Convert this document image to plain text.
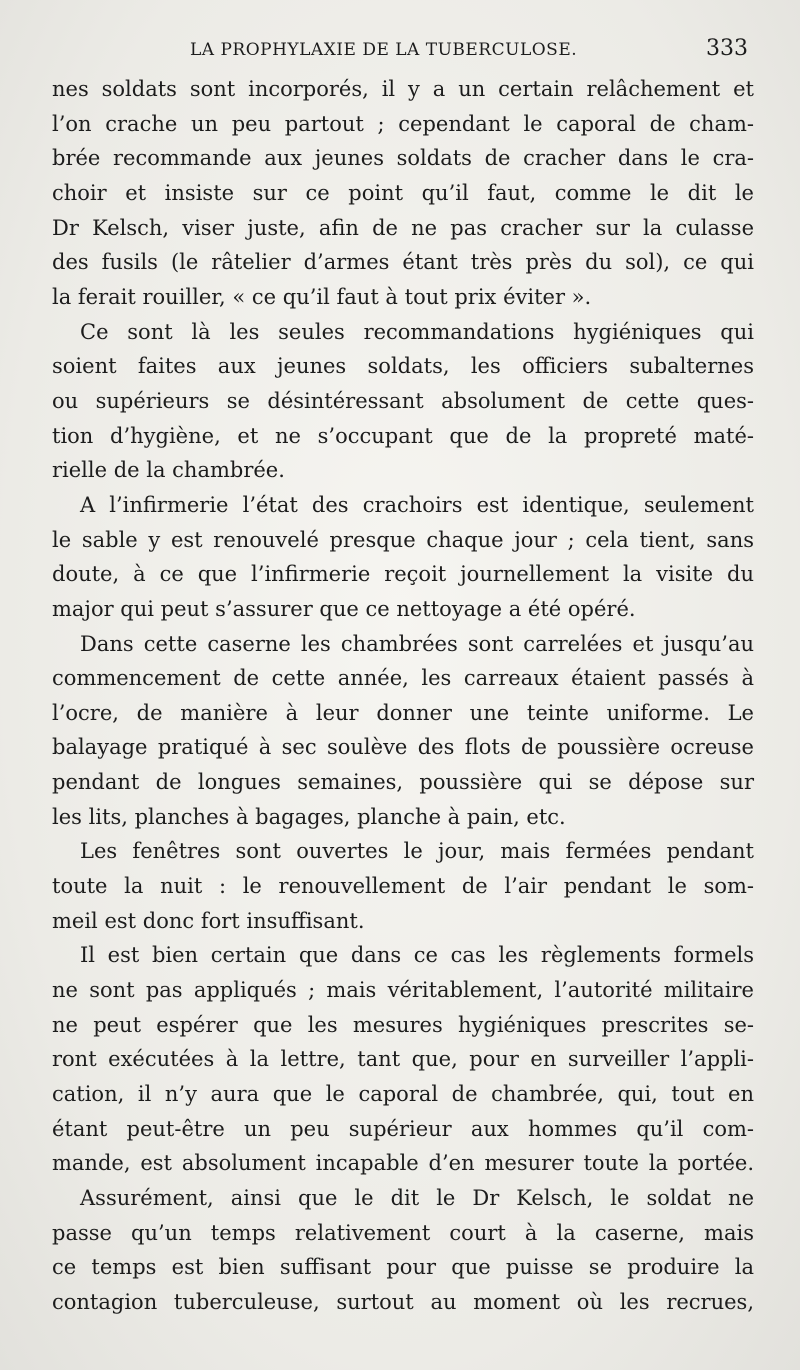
LA PROPHYLAXIE DE LA TUBERCULOSE.	333
nes soldats sont incorporés, il y a un certain relâchement et
l’on crache un peu partout ; cependant le caporal de cham-
brée recommande aux jeunes soldats de cracher dans le cra-
choir et insiste sur ce point qu’il faut, comme le dit le
Dr Kelsch, viser juste, afin de ne pas cracher sur la culasse
des fusils (le râtelier d’armes étant très près du sol), ce qui
la ferait rouiller, « ce qu’il faut à tout prix éviter ».
Ce sont là les seules recommandations hygiéniques qui
soient faites aux jeunes soldats, les officiers subalternes
ou supérieurs se désintéressant absolument de cette ques-
tion d’hygiène, et ne s’occupant que de la propreté maté-
rielle de la chambrée.
A l’infirmerie l’état des crachoirs est identique, seulement
le sable y est renouvelé presque chaque jour ; cela tient, sans
doute, à ce que l’infirmerie reçoit journellement la visite du
major qui peut s’assurer que ce nettoyage a été opéré.
Dans cette caserne les chambrées sont carrelées et jusqu’au
commencement de cette année, les carreaux étaient passés à
l’ocre, de manière à leur donner une teinte uniforme. Le
balayage pratiqué à sec soulève des flots de poussière ocreuse
pendant de longues semaines, poussière qui se dépose sur
les lits, planches à bagages, planche à pain, etc.
Les fenêtres sont ouvertes le jour, mais fermées pendant
toute la nuit : le renouvellement de l’air pendant le som-
meil est donc fort insuffisant.
Il est bien certain que dans ce cas les règlements formels
ne sont pas appliqués ; mais véritablement, l’autorité militaire
ne peut espérer que les mesures hygiéniques prescrites se-
ront exécutées à la lettre, tant que, pour en surveiller l’appli-
cation, il n’y aura que le caporal de chambrée, qui, tout en
étant peut-être un peu supérieur aux hommes qu’il com-
mande, est absolument incapable d’en mesurer toute la portée.
Assurément, ainsi que le dit le Dr Kelsch, le soldat ne
passe qu’un temps relativement court à la caserne, mais
ce temps est bien suffisant pour que puisse se produire la
contagion tuberculeuse, surtout au moment où les recrues,
